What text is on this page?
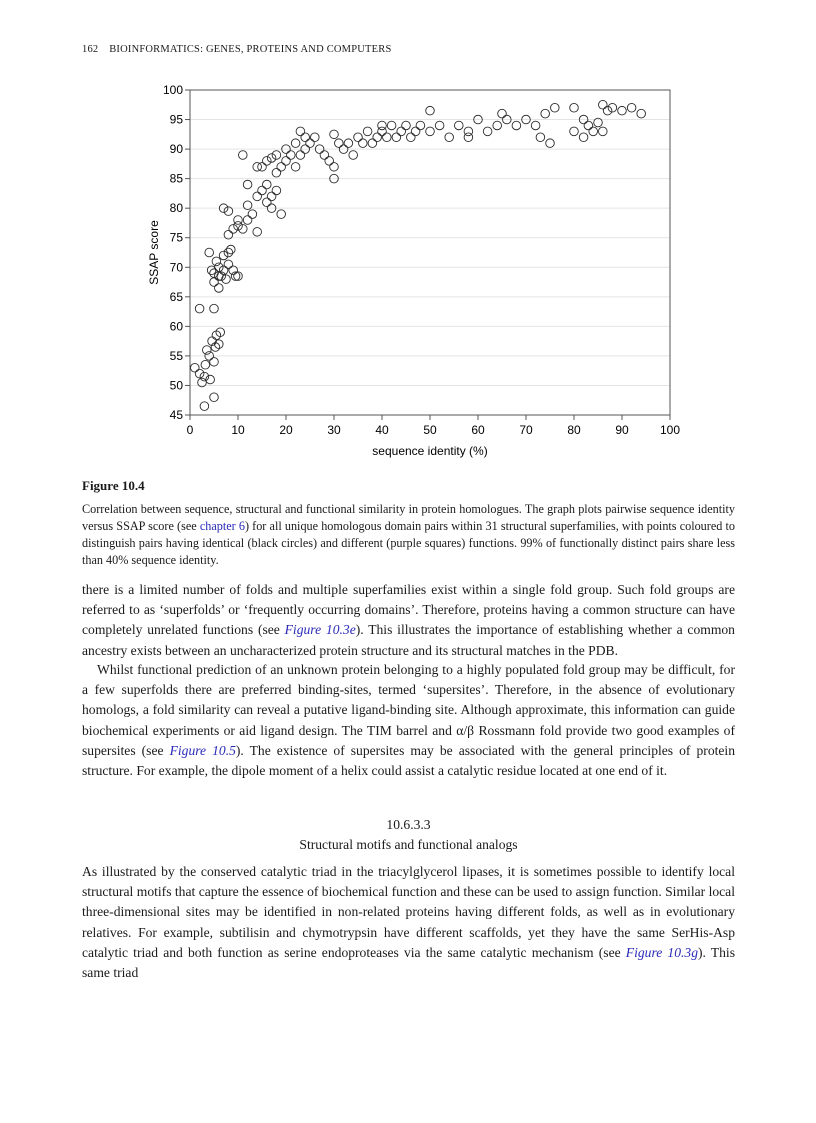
162 BIOINFORMATICS: GENES, PROTEINS AND COMPUTERS
0	10	20	30	40	50	60	70	80	90	100
45
50
55
60
65
70
75
80
85
90
95
100
sequence identity (%)
SSAP score
Figure 10.4
Correlation between sequence, structural and functional similarity in protein homologues. The graph plots pairwise sequence identity versus SSAP score (see chapter 6) for all unique homologous domain pairs within 31 structural superfamilies, with points coloured to distinguish pairs having identical (black circles) and different (purple squares) functions. 99% of functionally distinct pairs share less than 40% sequence identity.
there is a limited number of folds and multiple superfamilies exist within a single fold group. Such fold groups are referred to as ‘superfolds’ or ‘frequently occurring domains’. Therefore, proteins having a common structure can have completely unrelated functions (see Figure 10.3e). This illustrates the importance of establishing whether a common ancestry exists between an uncharacterized protein structure and its structural matches in the PDB.
Whilst functional prediction of an unknown protein belonging to a highly populated fold group may be difficult, for a few superfolds there are preferred binding-sites, termed ‘supersites’. Therefore, in the absence of evolutionary homologs, a fold similarity can reveal a putative ligand-binding site. Although approximate, this information can guide biochemical experiments or aid ligand design. The TIM barrel and α/β Rossmann fold provide two good examples of supersites (see Figure 10.5). The existence of supersites may be associated with the general principles of protein structure. For example, the dipole moment of a helix could assist a catalytic residue located at one end of it.
10.6.3.3
Structural motifs and functional analogs
As illustrated by the conserved catalytic triad in the triacylglycerol lipases, it is sometimes possible to identify local structural motifs that capture the essence of biochemical function and these can be used to assign function. Similar local three-dimensional sites may be identified in non-related proteins having different folds, as well as in evolutionary relatives. For example, subtilisin and chymotrypsin have different scaffolds, yet they have the same SerHis-Asp catalytic triad and both function as serine endoproteases via the same catalytic mechanism (see Figure 10.3g). This same triad
